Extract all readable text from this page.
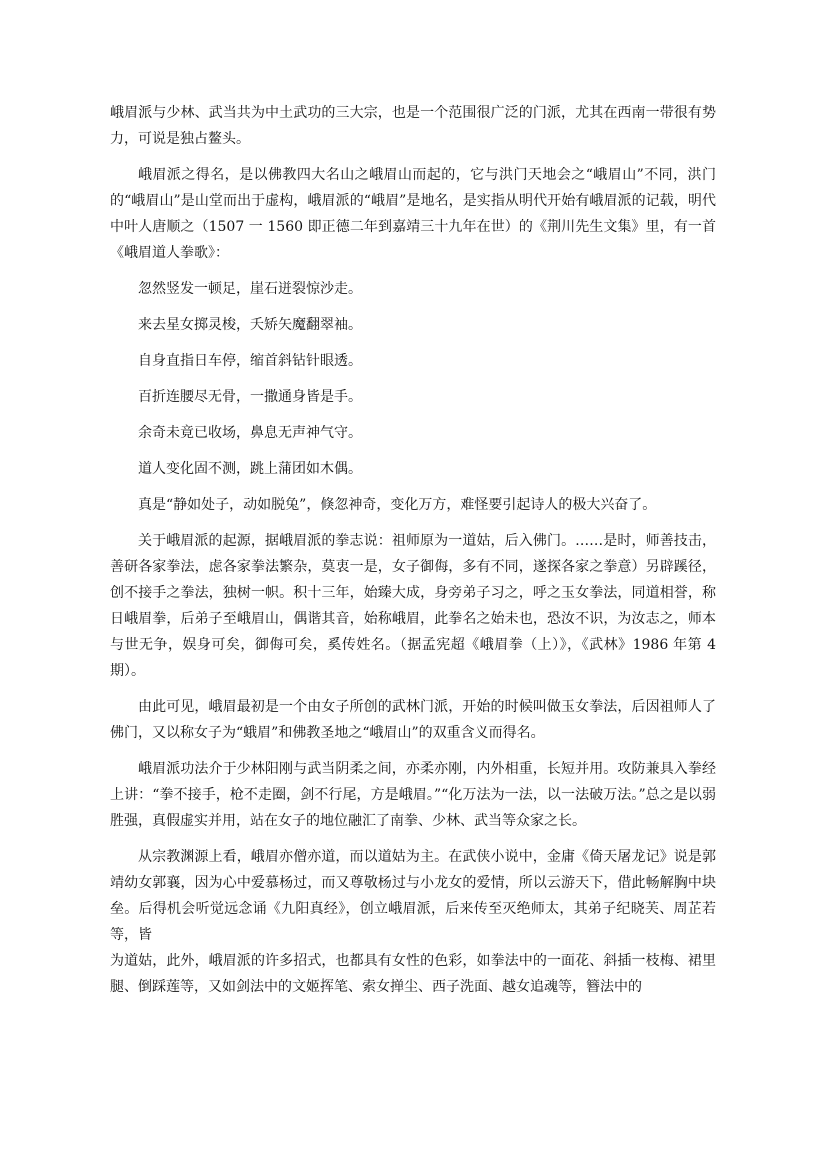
峨眉派与少林、武当共为中土武功的三大宗，也是一个范围很广泛的门派，尤其在西南一带很有势力，可说是独占鳌头。

峨眉派之得名，是以佛教四大名山之峨眉山而起的，它与洪门天地会之“峨眉山”不同，洪门的“峨眉山”是山堂而出于虚构，峨眉派的“峨眉”是地名，是实指从明代开始有峨眉派的记载，明代中叶人唐顺之（1507 一 1560 即正德二年到嘉靖三十九年在世）的《荆川先生文集》里，有一首《峨眉道人拳歌》：

忽然竖发一顿足，崖石迸裂惊沙走。

来去星女掷灵梭，夭矫矢魔翻翠袖。

自身直指日车停，缩首斜钻针眼透。

百折连腰尽无骨，一撒通身皆是手。

余奇未竟已收场，鼻息无声神气守。

道人变化固不测，跳上蒲团如木偶。

真是“静如处子，动如脱兔”，倏忽神奇，变化万方，难怪要引起诗人的极大兴奋了。

关于峨眉派的起源，据峨眉派的拳志说：祖师原为一道姑，后入佛门。……是时，师善技击，善研各家拳法，虑各家拳法繁杂，莫衷一是，女子御侮，多有不同，遂探各家之拳意）另辟蹊径，创不接手之拳法，独树一帜。积十三年，始臻大成，身旁弟子习之，呼之玉女拳法，同道相誉，称日峨眉拳，后弟子至峨眉山，偶谐其音，始称峨眉，此拳名之始未也，恐汝不识，为汝志之，师本与世无争，娱身可矣，御侮可矣，奚传姓名。（据孟宪超《峨眉拳（上）》，《武林》1986 年第 4 期）。

由此可见，峨眉最初是一个由女子所创的武林门派，开始的时候叫做玉女拳法，后因祖师人了佛门，又以称女子为“蛾眉”和佛教圣地之“峨眉山”的双重含义而得名。

峨眉派功法介于少林阳刚与武当阴柔之间，亦柔亦刚，内外相重，长短并用。攻防兼具入拳经上讲：“拳不接手，枪不走圈，剑不行尾，方是峨眉。”“化万法为一法，以一法破万法。”总之是以弱胜强，真假虚实并用，站在女子的地位融汇了南拳、少林、武当等众家之长。

从宗教渊源上看，峨眉亦僧亦道，而以道姑为主。在武侠小说中，金庸《倚天屠龙记》说是郭靖幼女郭襄，因为心中爱慕杨过，而又尊敬杨过与小龙女的爱情，所以云游天下，借此畅解胸中块垒。后得机会听觉远念诵《九阳真经》，创立峨眉派，后来传至灭绝师太，其弟子纪晓芙、周芷若等，皆

为道姑，此外，峨眉派的许多招式，也都具有女性的色彩，如拳法中的一面花、斜插一枝梅、裙里腿、倒踩莲等，又如剑法中的文姬挥笔、索女掸尘、西子洗面、越女追魂等，簪法中的
